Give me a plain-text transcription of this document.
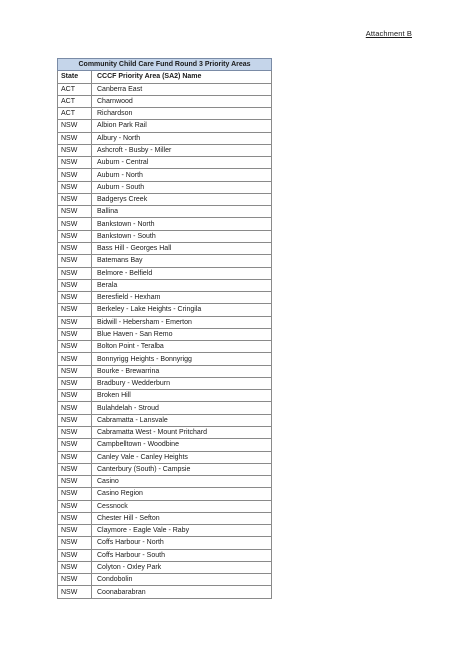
Attachment B
Community Child Care Fund Round 3 Priority Areas	
State	CCCF Priority Area (SA2) Name
ACT	Canberra East
ACT	Charnwood
ACT	Richardson
NSW	Albion Park Rail
NSW	Albury - North
NSW	Ashcroft - Busby - Miller
NSW	Auburn - Central
NSW	Auburn - North
NSW	Auburn - South
NSW	Badgerys Creek
NSW	Ballina
NSW	Bankstown - North
NSW	Bankstown - South
NSW	Bass Hill - Georges Hall
NSW	Batemans Bay
NSW	Belmore - Belfield
NSW	Berala
NSW	Beresfield - Hexham
NSW	Berkeley - Lake Heights - Cringila
NSW	Bidwill - Hebersham - Emerton
NSW	Blue Haven - San Remo
NSW	Bolton Point - Teralba
NSW	Bonnyrigg Heights - Bonnyrigg
NSW	Bourke - Brewarrina
NSW	Bradbury - Wedderburn
NSW	Broken Hill
NSW	Bulahdelah - Stroud
NSW	Cabramatta - Lansvale
NSW	Cabramatta West - Mount Pritchard
NSW	Campbelltown - Woodbine
NSW	Canley Vale - Canley Heights
NSW	Canterbury (South) - Campsie
NSW	Casino
NSW	Casino Region
NSW	Cessnock
NSW	Chester Hill - Sefton
NSW	Claymore - Eagle Vale - Raby
NSW	Coffs Harbour - North
NSW	Coffs Harbour - South
NSW	Colyton - Oxley Park
NSW	Condobolin
NSW	Coonabarabran
